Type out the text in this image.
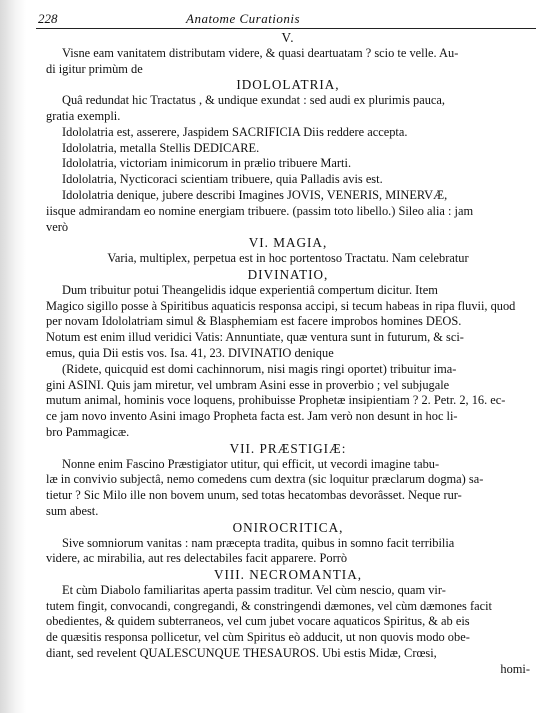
228	Anatome Curationis
V.
Visne eam vanitatem distributam videre, & quasi deartuatam ? scio te velle. Au-
di igitur primùm de
IDOLOLATRIA,
Quâ redundat hic Tractatus , & undique exundat : sed audi ex plurimis pauca,
gratia exempli.
Idololatria est, asserere, Jaspidem SACRIFICIA Diis reddere accepta.
Idololatria, metalla Stellis DEDICARE.
Idololatria, victoriam inimicorum in prælio tribuere Marti.
Idololatria, Nycticoraci scientiam tribuere, quia Palladis avis est.
Idololatria denique, jubere describi Imagines JOVIS, VENERIS, MINERVÆ,
iisque admirandam eo nomine energiam tribuere. (passim toto libello.) Sileo alia : jam
verò
VI. MAGIA,
Varia, multiplex, perpetua est in hoc portentoso Tractatu. Nam celebratur
DIVINATIO,
Dum tribuitur potui Theangelidis idque experientiâ compertum dicitur. Item
Magico sigillo posse à Spiritibus aquaticis responsa accipi, si tecum habeas in ripa fluvii, quod
per novam Idololatriam simul & Blasphemiam est facere improbos homines DEOS.
Notum est enim illud veridici Vatis: Annuntiate, quæ ventura sunt in futurum, & sci-
emus, quia Dii estis vos. Isa. 41, 23. DIVINATIO denique
(Ridete, quicquid est domi cachinnorum, nisi magis ringi oportet) tribuitur ima-
gini ASINI. Quis jam miretur, vel umbram Asini esse in proverbio ; vel subjugale
mutum animal, hominis voce loquens, prohibuisse Prophetæ insipientiam ? 2. Petr. 2, 16. ec-
ce jam novo invento Asini imago Propheta facta est. Jam verò non desunt in hoc li-
bro Pammagicæ.
VII. PRÆSTIGIÆ:
Nonne enim Fascino Præstigiator utitur, qui efficit, ut vecordi imagine tabu-
læ in convivio subjectâ, nemo comedens cum dextra (sic loquitur præclarum dogma) sa-
tietur ? Sic Milo ille non bovem unum, sed totas hecatombas devorâsset. Neque rur-
sum abest.
ONIROCRITICA,
Sive somniorum vanitas : nam præcepta tradita, quibus in somno facit terribilia
videre, ac mirabilia, aut res delectabiles facit apparere. Porrò
VIII. NECROMANTIA,
Et cùm Diabolo familiaritas aperta passim traditur. Vel cùm nescio, quam vir-
tutem fingit, convocandi, congregandi, & constringendi dæmones, vel cùm dæmones facit
obedientes, & quidem subterraneos, vel cum jubet vocare aquaticos Spiritus, & ab eis
de quæsitis responsa pollicetur, vel cùm Spiritus eò adducit, ut non quovis modo obe-
diant, sed revelent QUALESCUNQUE THESAUROS. Ubi estis Midæ, Crœsi,
homi-
